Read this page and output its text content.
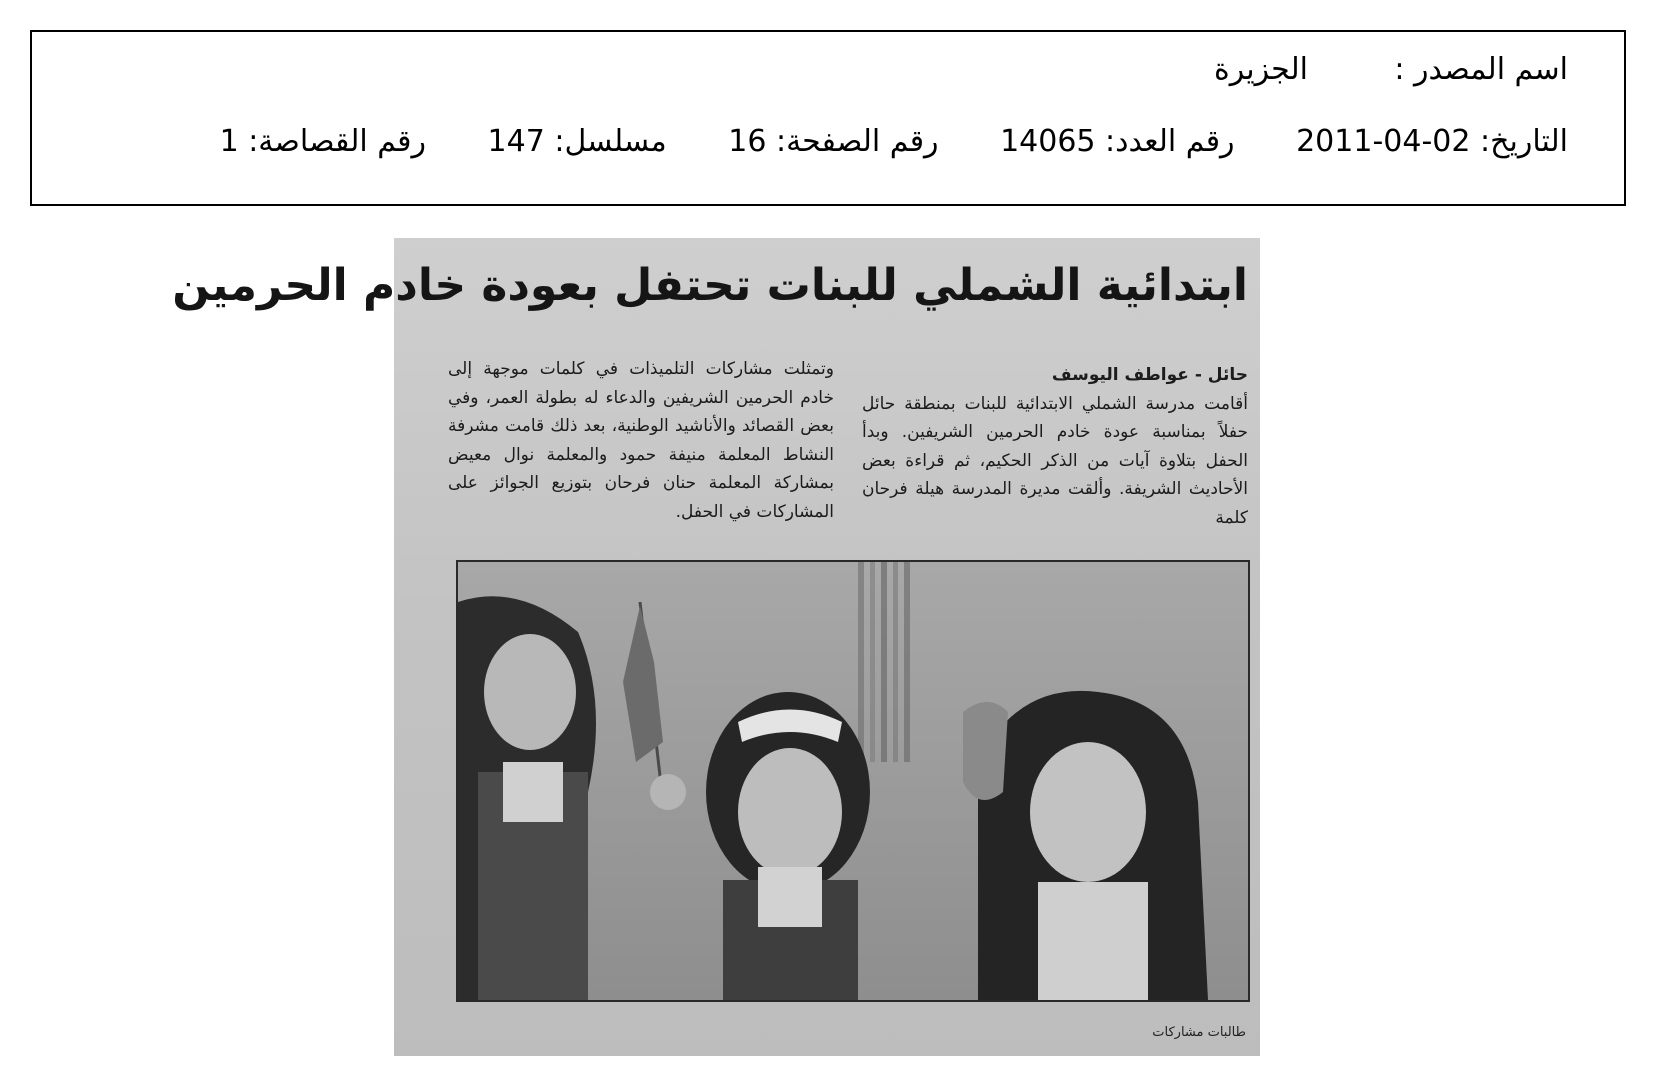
اسم المصدر :الجزيرة
التاريخ: 02-04-2011 رقم العدد: 14065 رقم الصفحة: 16 مسلسل: 147 رقم القصاصة: 1
ابتدائية الشملي للبنات تحتفل بعودة خادم الحرمين
حائل - عواطف اليوسف
أقامت مدرسة الشملي الابتدائية للبنات بمنطقة حائل حفلاً بمناسبة عودة خادم الحرمين الشريفين. وبدأ الحفل بتلاوة آيات من الذكر الحكيم، ثم قراءة بعض الأحاديث الشريفة. وألقت مديرة المدرسة هيلة فرحان كلمة
وتمثلت مشاركات التلميذات في كلمات موجهة إلى خادم الحرمين الشريفين والدعاء له بطولة العمر، وفي بعض القصائد والأناشيد الوطنية، بعد ذلك قامت مشرفة النشاط المعلمة منيفة حمود والمعلمة نوال معيض بمشاركة المعلمة حنان فرحان بتوزيع الجوائز على المشاركات في الحفل.
طالبات مشاركات
